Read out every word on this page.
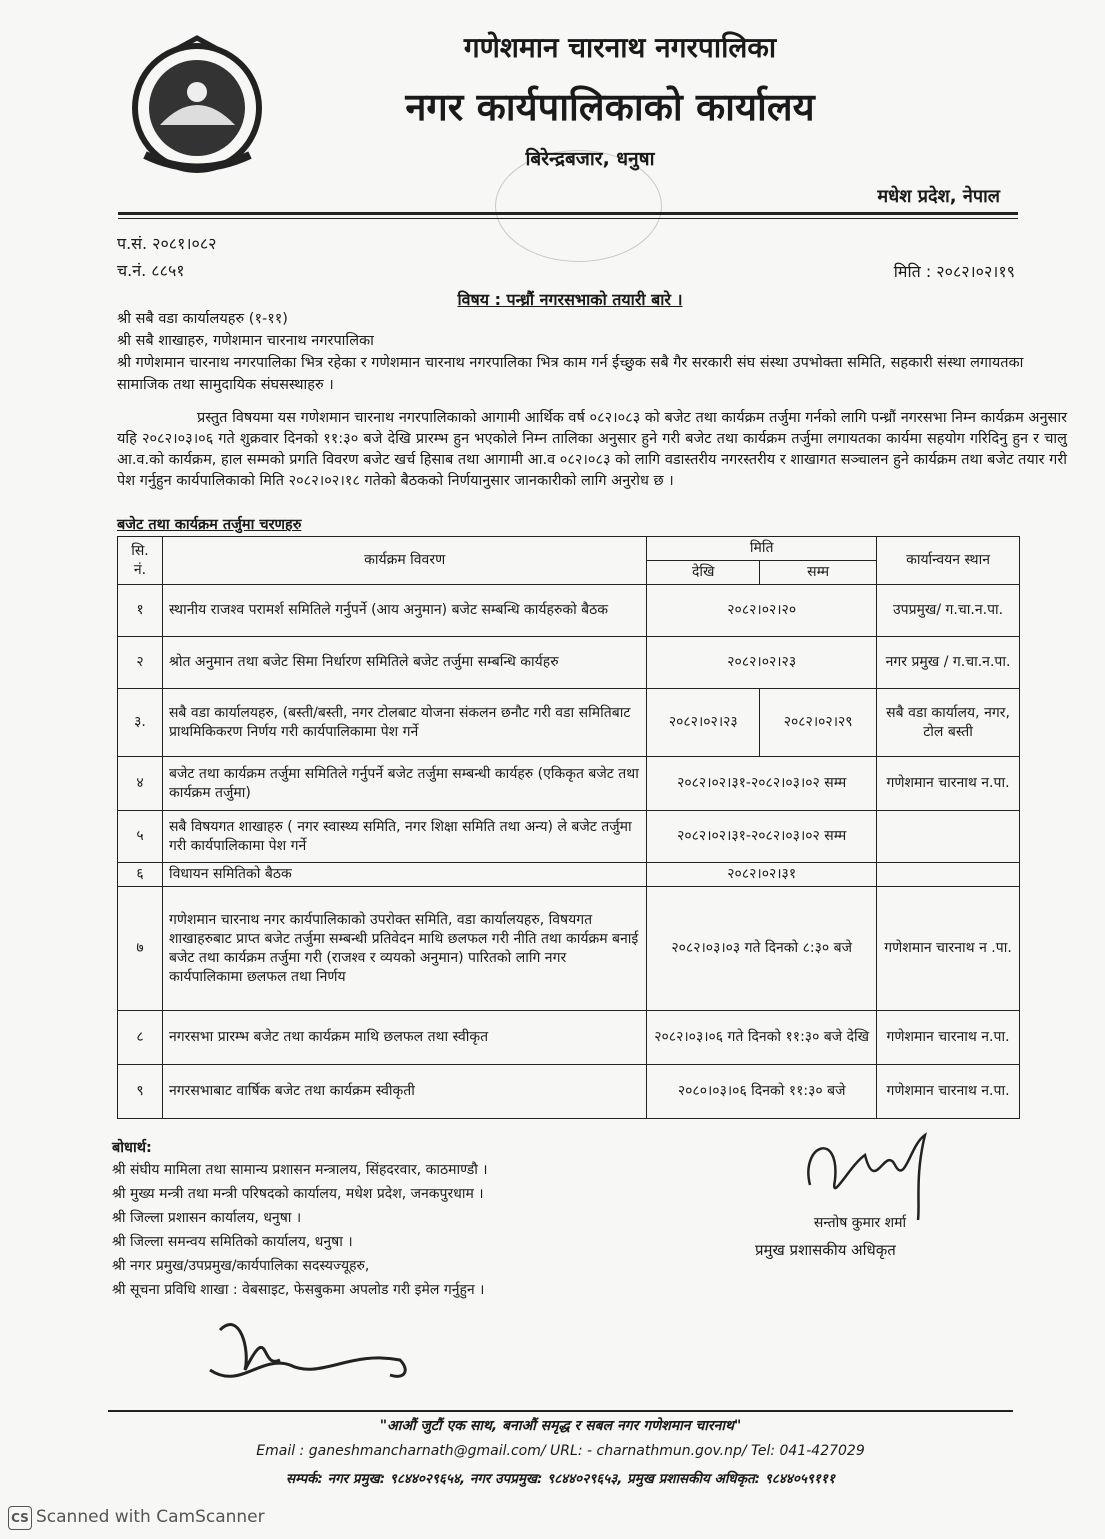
गणेशमान चारनाथ नगरपालिका
नगर कार्यपालिकाको कार्यालय
बिरेन्द्रबजार, धनुषा
मधेश प्रदेश, नेपाल
प.सं. २०८१।०८२
च.नं. ८८५१	मिति : २०८२।०२।१९
विषय : पन्ध्रौं नगरसभाको तयारी बारे ।
श्री सबै वडा कार्यालयहरु (१-११)
श्री सबै शाखाहरु, गणेशमान चारनाथ नगरपालिका
श्री गणेशमान चारनाथ नगरपालिका भित्र रहेका र गणेशमान चारनाथ नगरपालिका भित्र काम गर्न ईच्छुक सबै गैर सरकारी संघ संस्था उपभोक्ता समिति, सहकारी संस्था लगायतका सामाजिक तथा सामुदायिक संघसस्थाहरु ।
प्रस्तुत विषयमा यस गणेशमान चारनाथ नगरपालिकाको आगामी आर्थिक वर्ष ०८२।०८३ को बजेट तथा कार्यक्रम तर्जुमा गर्नको लागि पन्ध्रौं नगरसभा निम्न कार्यक्रम अनुसार यहि २०८२।०३।०६ गते शुक्रवार दिनको ११:३० बजे देखि प्रारम्भ हुन भएकोले निम्न तालिका अनुसार हुने गरी बजेट तथा कार्यक्रम तर्जुमा लगायतका कार्यमा सहयोग गरिदिनु हुन र चालु आ.व.को कार्यक्रम, हाल सम्मको प्रगति विवरण बजेट खर्च हिसाब तथा आगामी आ.व ०८२।०८३ को लागि वडास्तरीय नगरस्तरीय र शाखागत सञ्चालन हुने कार्यक्रम तथा बजेट तयार गरी पेश गर्नुहुन कार्यपालिकाको मिति २०८२।०२।१८ गतेको बैठकको निर्णयानुसार जानकारीको लागि अनुरोध छ ।
बजेट तथा कार्यक्रम तर्जुमा चरणहरु
सि. नं.	कार्यक्रम विवरण	मिति		कार्यान्वयन स्थान
		देखि	सम्म	
१	स्थानीय राजश्व परामर्श समितिले गर्नुपर्ने (आय अनुमान) बजेट सम्बन्धि कार्यहरुको बैठक	२०८२।०२।२०		उपप्रमुख/ ग.चा.न.पा.
२	श्रोत अनुमान तथा बजेट सिमा निर्धारण समितिले बजेट तर्जुमा सम्बन्धि कार्यहरु	२०८२।०२।२३		नगर प्रमुख / ग.चा.न.पा.
३.	सबै वडा कार्यालयहरु, (बस्ती/बस्ती, नगर टोलबाट योजना संकलन छनौट गरी वडा समितिबाट प्राथमिकिकरण निर्णय गरी कार्यपालिकामा पेश गर्ने	२०८२।०२।२३	२०८२।०२।२९	सबै वडा कार्यालय, नगर, टोल बस्ती
४	बजेट तथा कार्यक्रम तर्जुमा समितिले गर्नुपर्ने बजेट तर्जुमा सम्बन्धी कार्यहरु (एकिकृत बजेट तथा कार्यक्रम तर्जुमा)	२०८२।०२।३१-२०८२।०३।०२ सम्म		गणेशमान चारनाथ न.पा.
५	सबै विषयगत शाखाहरु ( नगर स्वास्थ्य समिति, नगर शिक्षा समिति तथा अन्य) ले बजेट तर्जुमा गरी कार्यपालिकामा पेश गर्ने	२०८२।०२।३१-२०८२।०३।०२ सम्म		
६	विधायन समितिको बैठक	२०८२।०२।३१		
७	गणेशमान चारनाथ नगर कार्यपालिकाको उपरोक्त समिति, वडा कार्यालयहरु, विषयगत शाखाहरुबाट प्राप्त बजेट तर्जुमा सम्बन्धी प्रतिवेदन माथि छलफल गरी नीति तथा कार्यक्रम बनाई बजेट तथा कार्यक्रम तर्जुमा गरी (राजश्व र व्ययको अनुमान) पारितको लागि नगर कार्यपालिकामा छलफल तथा निर्णय	२०८२।०३।०३ गते दिनको ८:३० बजे		गणेशमान चारनाथ न .पा.
८	नगरसभा प्रारम्भ बजेट तथा कार्यक्रम माथि छलफल तथा स्वीकृत	२०८२।०३।०६ गते दिनको ११:३० बजे देखि		गणेशमान चारनाथ न.पा.
९	नगरसभाबाट वार्षिक बजेट तथा कार्यक्रम स्वीकृती	२०८०।०३।०६ दिनको ११:३० बजे		गणेशमान चारनाथ न.पा.
बोधार्थ:
श्री संघीय मामिला तथा सामान्य प्रशासन मन्त्रालय, सिंहदरवार, काठमाण्डौ ।
श्री मुख्य मन्त्री तथा मन्त्री परिषदको कार्यालय, मधेश प्रदेश, जनकपुरधाम ।
श्री जिल्ला प्रशासन कार्यालय, धनुषा ।
श्री जिल्ला समन्वय समितिको कार्यालय, धनुषा ।
श्री नगर प्रमुख/उपप्रमुख/कार्यपालिका सदस्यज्यूहरु,
श्री सूचना प्रविधि शाखा : वेबसाइट, फेसबुकमा अपलोड गरी इमेल गर्नुहुन ।
सन्तोष कुमार शर्मा
प्रमुख प्रशासकीय अधिकृत
"आऔं जुटौं एक साथ, बनाऔं समृद्ध र सबल नगर गणेशमान चारनाथ"
Email : ganeshmancharnath@gmail.com/ URL: - charnathmun.gov.np/ Tel: 041-427029
सम्पर्क: नगर प्रमुख: ९८४४०२९६५४, नगर उपप्रमुख: ९८४४०२९६५३, प्रमुख प्रशासकीय अधिकृत: ९८४४०५९१११
CS Scanned with CamScanner
